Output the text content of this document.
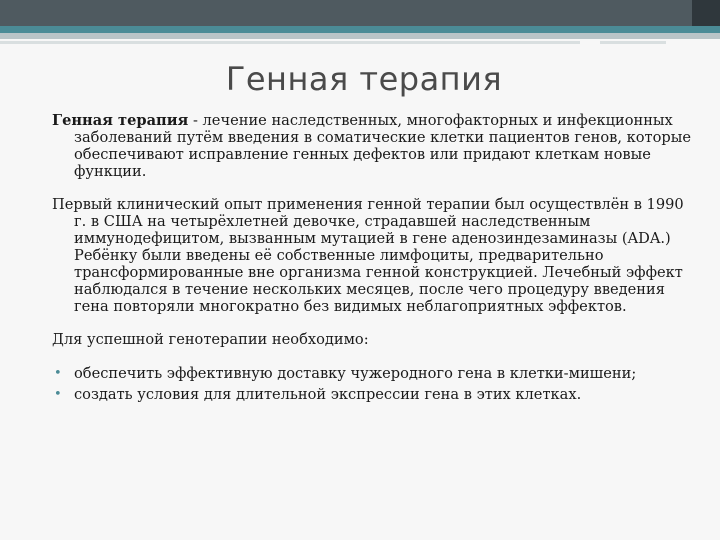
Генная терапия

Генная терапия - лечение наследственных, многофакторных и инфекционных заболеваний путём введения в соматические клетки пациентов генов, которые обеспечивают исправление генных дефектов или придают клеткам новые функции.

Первый клинический опыт применения генной терапии был осуществлён в 1990 г. в США на четырёхлетней девочке, страдавшей наследственным иммунодефицитом, вызванным мутацией в гене аденозиндезаминазы (ADA.) Ребёнку были введены её собственные лимфоциты, предварительно трансформированные вне организма генной конструкцией. Лечебный эффект наблюдался в течение нескольких месяцев, после чего процедуру введения гена повторяли многократно без видимых неблагоприятных эффектов.

Для успешной генотерапии необходимо:

• обеспечить эффективную доставку чужеродного гена в клетки-мишени;
• создать условия для длительной экспрессии гена в этих клетках.
